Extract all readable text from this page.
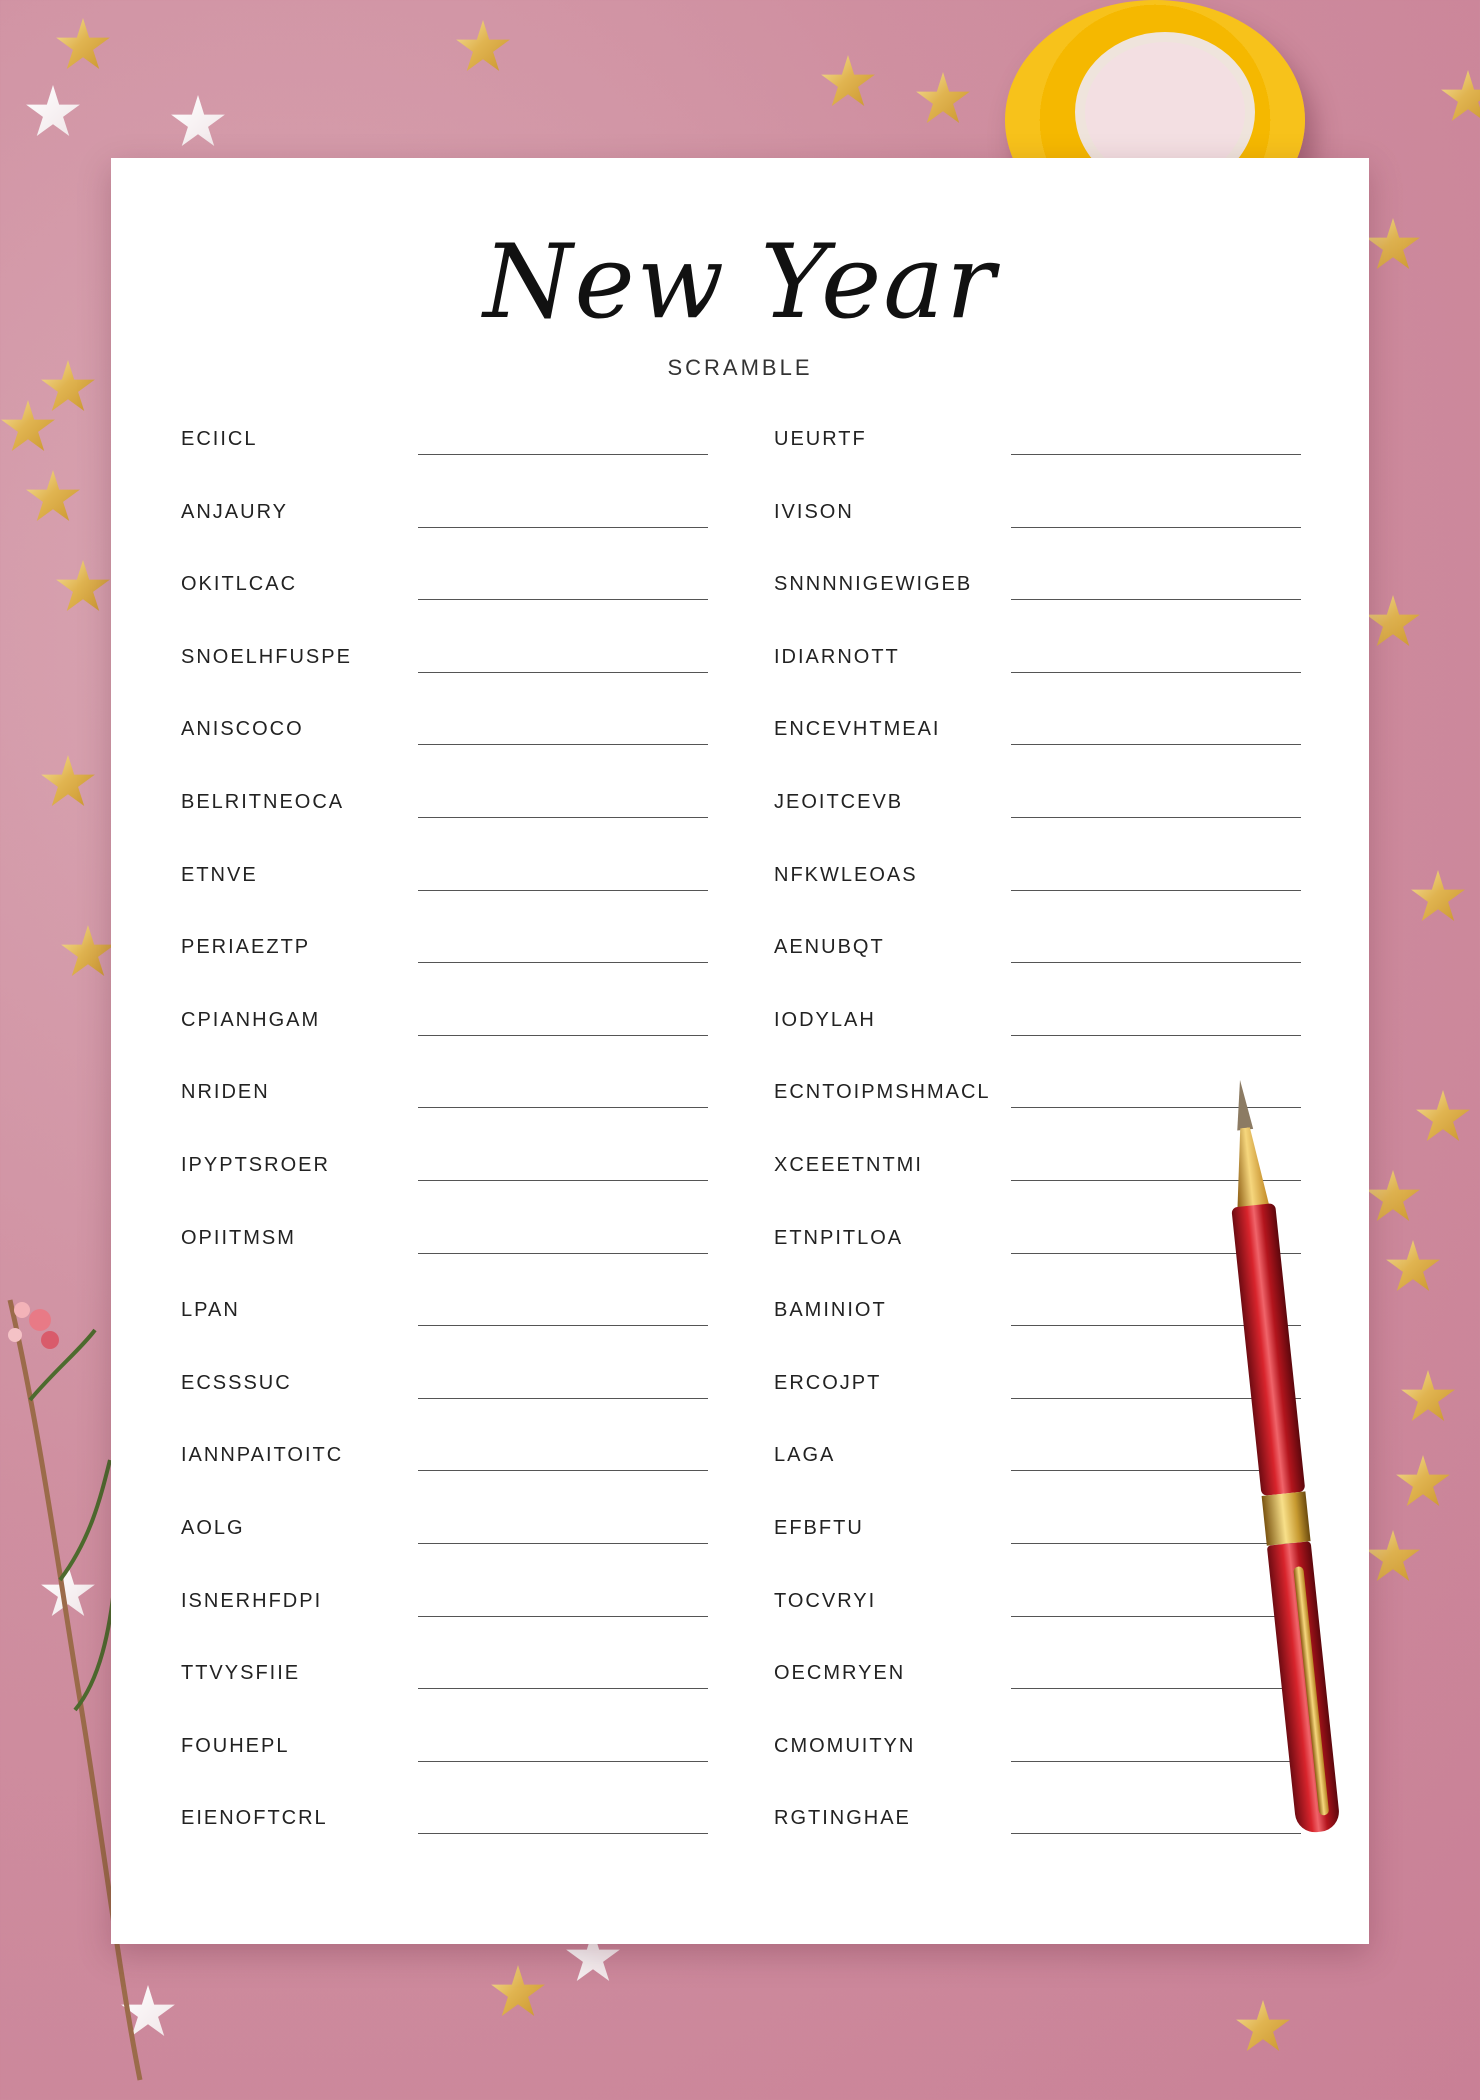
New Year
SCRAMBLE
ECIICL
ANJAURY
OKITLCAC
SNOELHFUSPE
ANISCOCO
BELRITNEOCA
ETNVE
PERIAEZTP
CPIANHGAM
NRIDEN
IPYPTSROER
OPIITMSM
LPAN
ECSSSUC
IANNPAITOITC
AOLG
ISNERHFDPI
TTVYSFIIE
FOUHEPL
EIENOFTCRL
UEURTF
IVISON
SNNNNIGEWIGEB
IDIARNOTT
ENCEVHTMEAI
JEOITCEVB
NFKWLEOAS
AENUBQT
IODYLAH
ECNTOIPMSHMACL
XCEEETNTMI
ETNPITLOA
BAMINIOT
ERCOJPT
LAGA
EFBFTU
TOCVRYI
OECMRYEN
CMOMUITYN
RGTINGHAE
